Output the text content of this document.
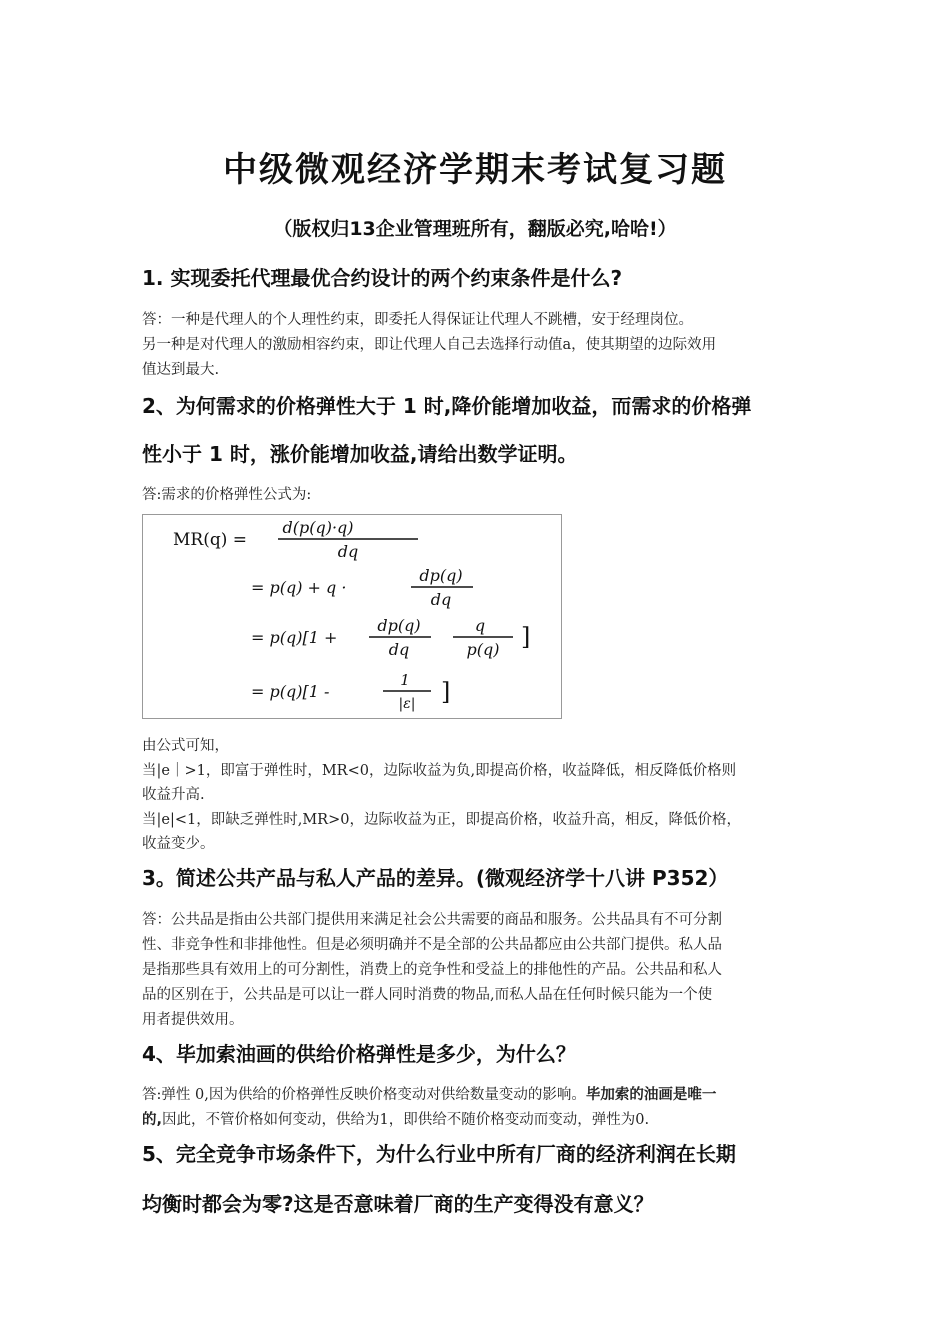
中级微观经济学期末考试复习题
（版权归13企业管理班所有，翻版必究,哈哈!）
1. 实现委托代理最优合约设计的两个约束条件是什么?
答：一种是代理人的个人理性约束，即委托人得保证让代理人不跳槽，安于经理岗位。
另一种是对代理人的激励相容约束，即让代理人自己去选择行动值a，使其期望的边际效用
值达到最大.
2、为何需求的价格弹性大于 1 时,降价能增加收益，而需求的价格弹
性小于 1 时，涨价能增加收益,请给出数学证明。
答:需求的价格弹性公式为:
MR(q) =
d(p(q)·q)
dq
= p(q) + q ·
dp(q)
dq
= p(q)[1 +
dp(q)
dq
q
p(q) ]
= p(q)[1 -
1
|ε| ]
由公式可知，
当|e｜>1，即富于弹性时，MR<0，边际收益为负,即提高价格，收益降低，相反降低价格则
收益升高.
当|e|<1，即缺乏弹性时,MR>0，边际收益为正，即提高价格，收益升高，相反，降低价格，
收益变少。
3。简述公共产品与私人产品的差异。(微观经济学十八讲 P352）
答：公共品是指由公共部门提供用来满足社会公共需要的商品和服务。公共品具有不可分割
性、非竞争性和非排他性。但是必须明确并不是全部的公共品都应由公共部门提供。私人品
是指那些具有效用上的可分割性，消费上的竞争性和受益上的排他性的产品。公共品和私人
品的区别在于，公共品是可以让一群人同时消费的物品,而私人品在任何时候只能为一个使
用者提供效用。
4、毕加索油画的供给价格弹性是多少，为什么？
答:弹性 0,因为供给的价格弹性反映价格变动对供给数量变动的影响。毕加索的油画是唯一
的,因此，不管价格如何变动，供给为1，即供给不随价格变动而变动，弹性为0.
5、完全竞争市场条件下，为什么行业中所有厂商的经济利润在长期
均衡时都会为零?这是否意味着厂商的生产变得没有意义？
